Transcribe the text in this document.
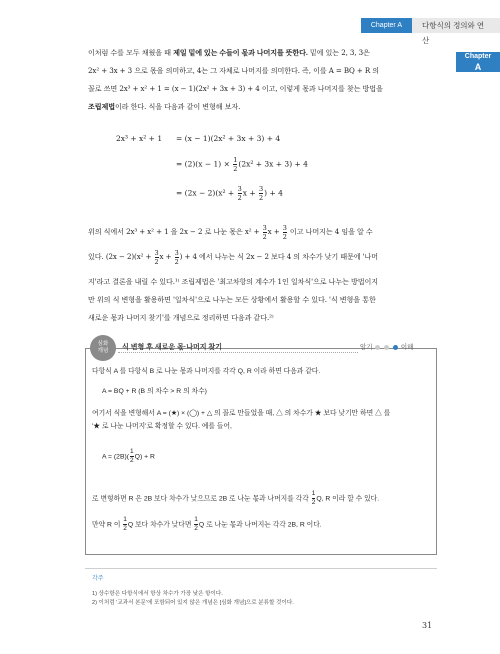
Chapter A	다항식의 정의와 연산
Chapter
A
이처럼 수를 모두 채웠을 때 제일 밑에 있는 수들이 몫과 나머지를 뜻한다. 밑에 있는 2, 3, 3은
2x² + 3x + 3 으로 몫을 의미하고, 4는 그 자체로 나머지를 의미한다. 즉, 이를 A = BQ + R 의
꼴로 쓰면 2x³ + x² + 1 = (x − 1)(2x² + 3x + 3) + 4 이고, 이렇게 몫과 나머지를 찾는 방법을
조립제법이라 한다. 식을 다음과 같이 변형해 보자.
2x³ + x² + 1 = (x − 1)(2x² + 3x + 3) + 4
= $(2)(x - 1) \times \frac{1}{2} (2x^2 + 3x + 3) + 4$
= $(2x - 2)(x^2 + \frac{3}{2}$ $x + \frac{3}{2}$ ) + 4
위의 식에서 2x³ + x² + 1 을 2x − 2 로 나눈 몫은 $x^2 + \frac{3}{2}$ $x + \frac{3}{2}$ 이고 나머지는 4 임을 알 수
있다. $(2x - 2)(x^2 + \frac{3}{2}$ $x + \frac{3}{2}$ ) + 4 에서 나누는 식 2x − 2 보다 4 의 차수가 낮기 때문에 '나머
지'라고 결론을 내릴 수 있다.¹⁾ 조립제법은 '최고차항의 계수가 1인 일차식'으로 나누는 방법이지
만 위의 식 변형을 활용하면 '일차식'으로 나누는 모든 상황에서 활용할 수 있다. '식 변형을 통한
새로운 몫과 나머지 찾기'를 개념으로 정리하면 다음과 같다.²⁾
심화
개념	식 변형 후 새로운 몫·나머지 찾기	암기	이해
다항식 A 를 다항식 B 로 나눈 몫과 나머지를 각각 Q, R 이라 하면 다음과 같다.
A = BQ + R (B 의 차수 > R 의 차수)
여기서 식을 변형해서 A = (★) × (◯) + △ 의 꼴로 만들었을 때, △ 의 차수가 ★ 보다 낮기만 하면 △ 를
'★ 로 나눈 나머지'로 확정할 수 있다. 예를 들어,
$A = (2B)( \frac{1}{2} Q) + R$
로 변형하면 R 은 2B 보다 차수가 낮으므로 2B 로 나눈 몫과 나머지를 각각 $\frac{1}{2} Q$, R 이라 할 수 있다.
만약 R 이 $\frac{1}{2}$ Q 보다 차수가 낮다면 $\frac{1}{2}$ Q 로 나눈 몫과 나머지는 각각 2B, R 이다.
각주
1) 상수항은 다항식에서 항상 차수가 가장 낮은 항이다.
2) 이처럼 '교과서 본문'에 포함되어 있지 않은 개념은 [심화 개념]으로 분류할 것이다.
31
